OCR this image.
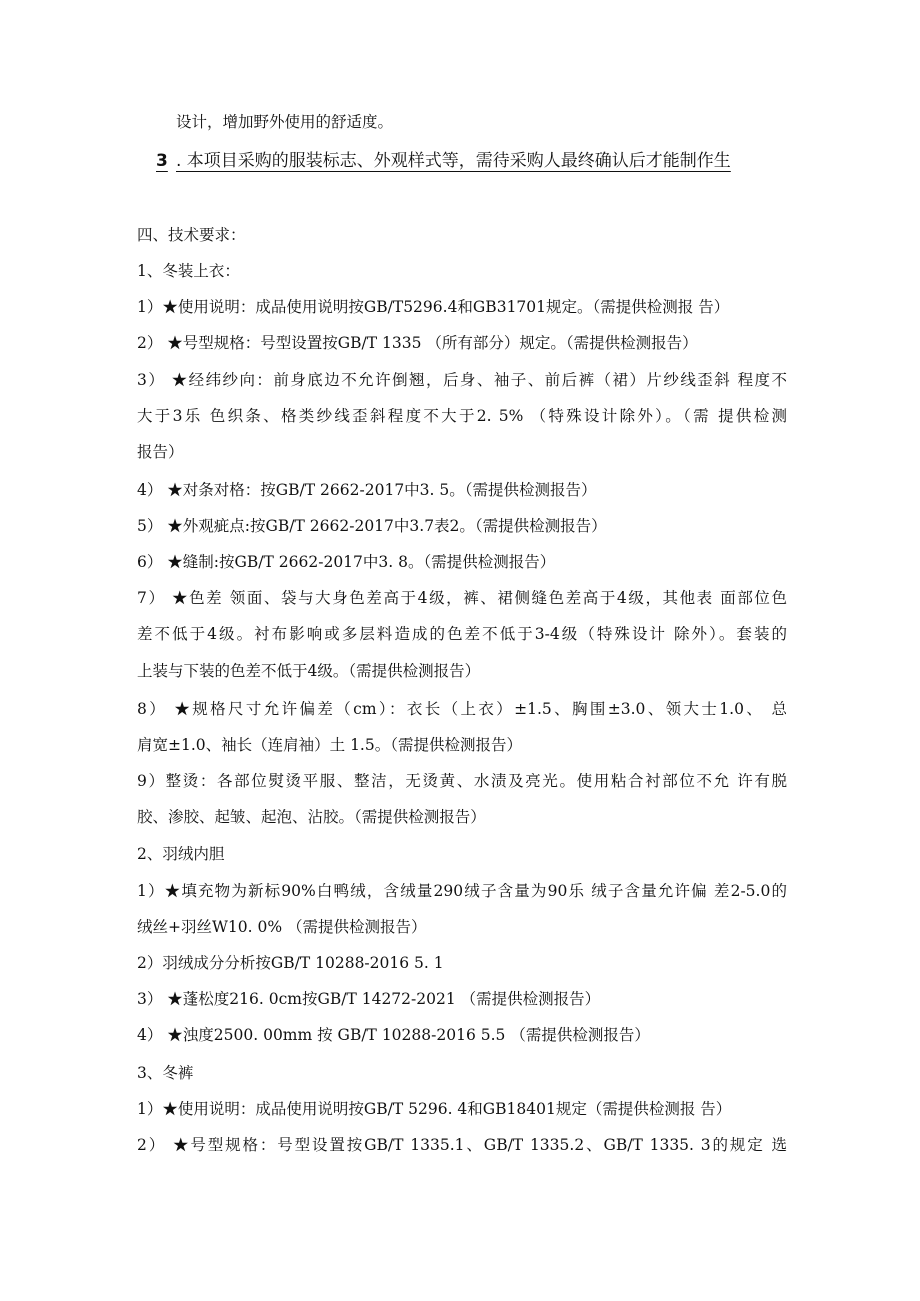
设计，增加野外使用的舒适度。
3 . 本项目采购的服装标志、外观样式等，需待采购人最终确认后才能制作生
四、技术要求：
1、冬装上衣：
1）★使用说明：成品使用说明按GB/T5296.4和GB31701规定。（需提供检测报 告）
2） ★号型规格：号型设置按GB/T 1335 （所有部分）规定。（需提供检测报告）
3） ★经纬纱向：前身底边不允许倒翘，后身、袖子、前后裤（裙）片纱线歪斜 程度不
大于3乐 色织条、格类纱线歪斜程度不大于2. 5% （特殊设计除外）。（需 提供检测
报告）
4） ★对条对格：按GB/T 2662-2017中3. 5。（需提供检测报告）
5） ★外观疵点:按GB/T 2662-2017中3.7表2。（需提供检测报告）
6） ★缝制:按GB/T 2662-2017中3. 8。（需提供检测报告）
7） ★色差 领面、袋与大身色差高于4级，裤、裙侧缝色差高于4级，其他表 面部位色
差不低于4级。衬布影响或多层料造成的色差不低于3-4级（特殊设计 除外）。套装的
上装与下装的色差不低于4级。（需提供检测报告）
8） ★规格尺寸允许偏差（cm）：衣长（上衣）±1.5、胸围±3.0、领大士1.0、 总
肩宽±1.0、袖长（连肩袖）土 1.5。（需提供检测报告）
9）整烫：各部位熨烫平服、整洁，无烫黄、水渍及亮光。使用粘合衬部位不允 许有脱
胶、渗胶、起皱、起泡、沾胶。（需提供检测报告）
2、羽绒内胆
1）★填充物为新标90%白鸭绒，含绒量290绒子含量为90乐 绒子含量允许偏 差2-5.0的
绒丝+羽丝W10. 0% （需提供检测报告）
2）羽绒成分分析按GB/T 10288-2016 5. 1
3） ★蓬松度216. 0cm按GB/T 14272-2021 （需提供检测报告）
4） ★浊度2500. 00mm 按 GB/T 10288-2016 5.5 （需提供检测报告）
3、冬裤
1）★使用说明：成品使用说明按GB/T 5296. 4和GB18401规定（需提供检测报 告）
2） ★号型规格：号型设置按GB/T 1335.1、GB/T 1335.2、GB/T 1335. 3的规定 选
